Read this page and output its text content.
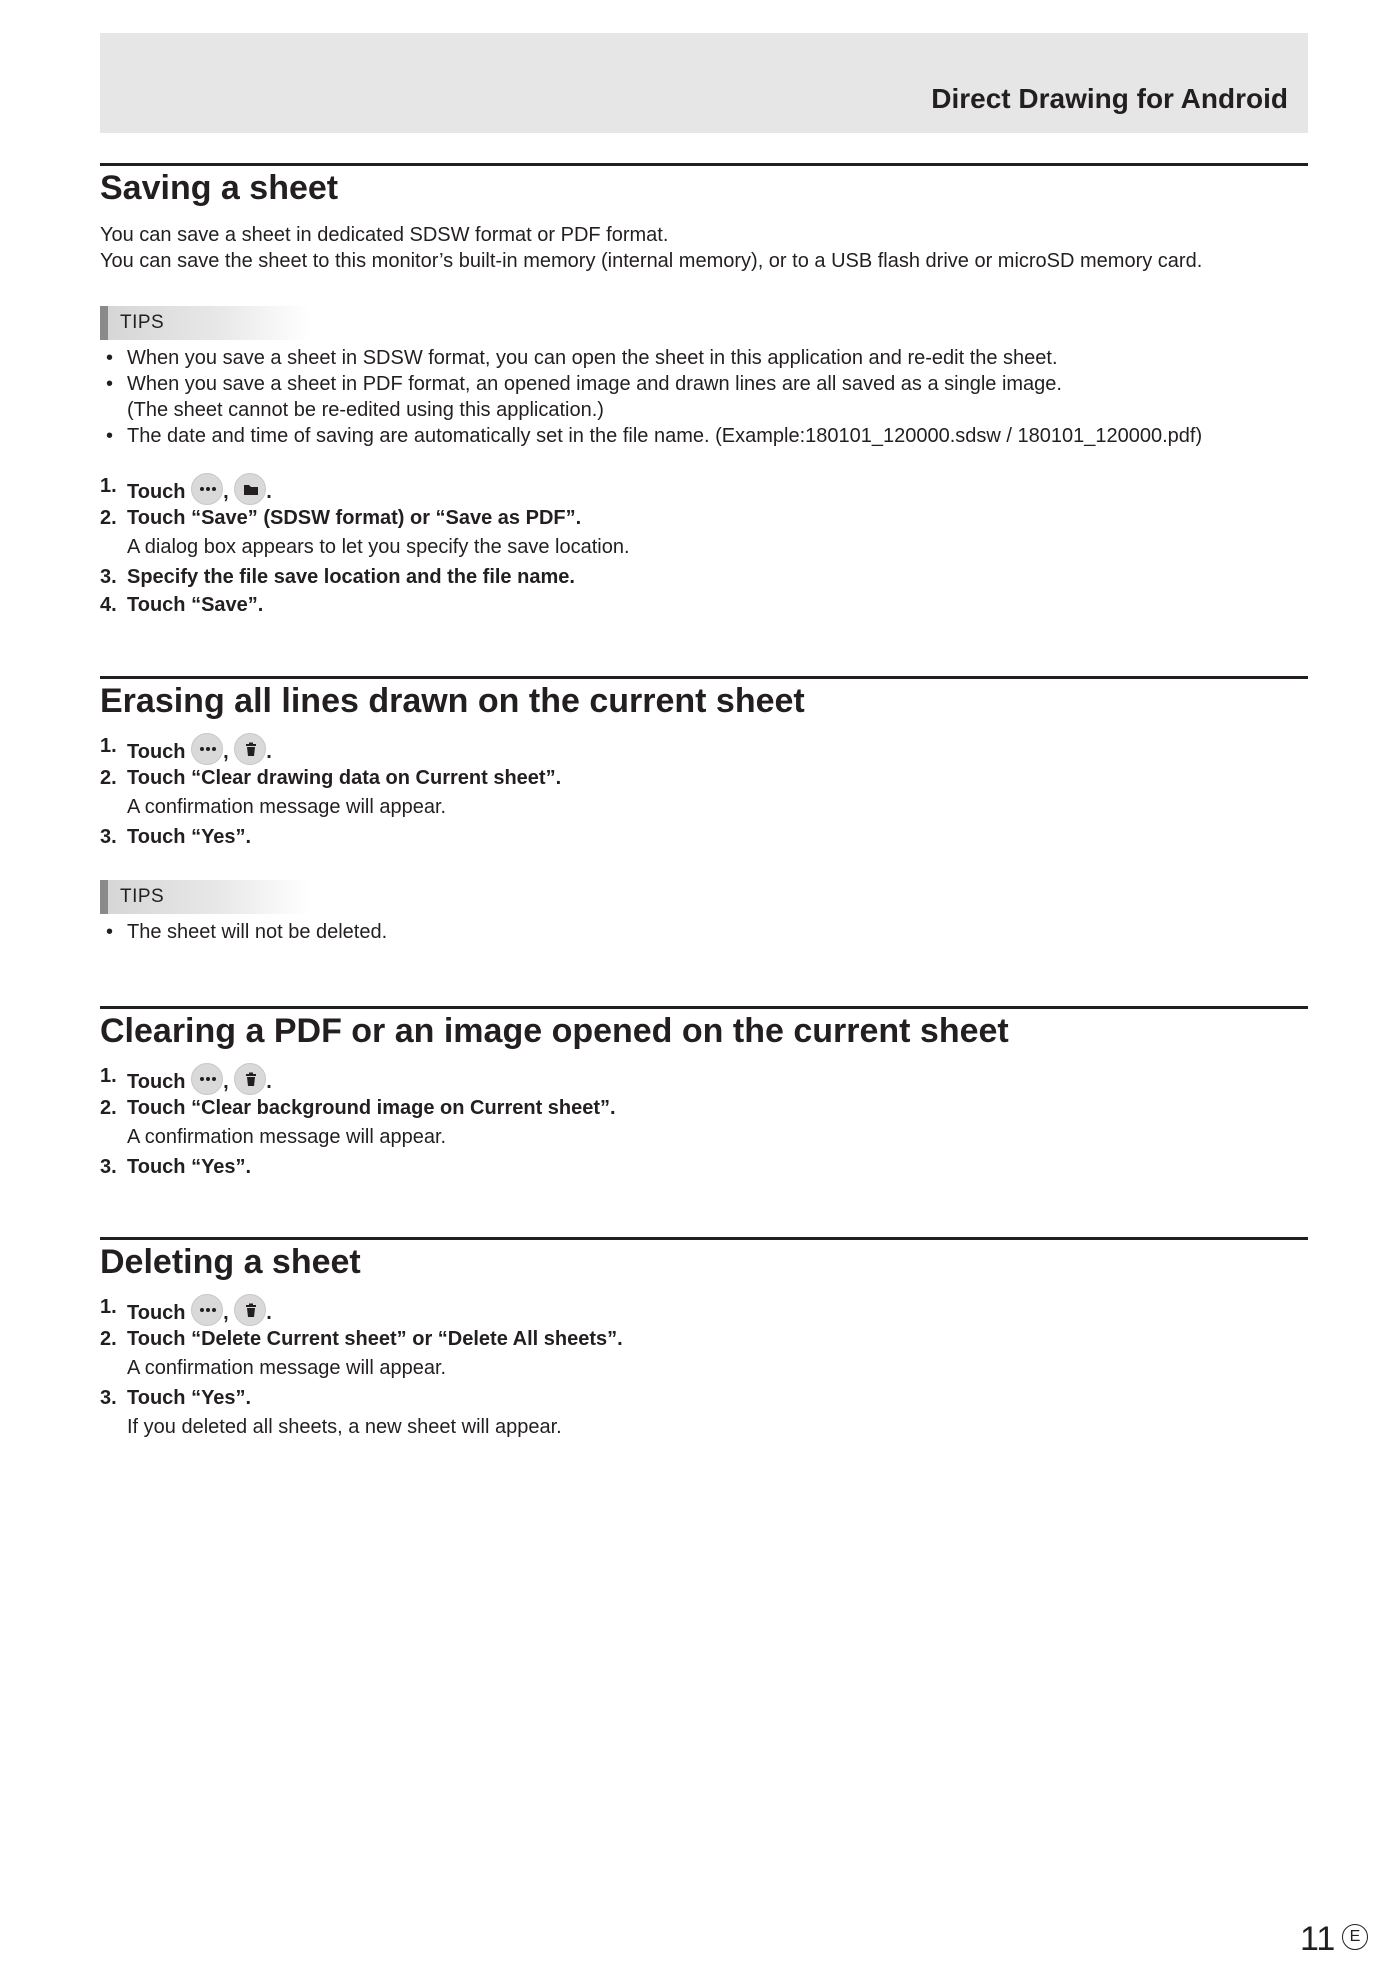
Direct Drawing for Android
Saving a sheet
You can save a sheet in dedicated SDSW format or PDF format.
You can save the sheet to this monitor’s built-in memory (internal memory), or to a USB flash drive or microSD memory card.
TIPS
• When you save a sheet in SDSW format, you can open the sheet in this application and re-edit the sheet.
• When you save a sheet in PDF format, an opened image and drawn lines are all saved as a single image.
(The sheet cannot be re-edited using this application.)
• The date and time of saving are automatically set in the file name. (Example:180101_120000.sdsw / 180101_120000.pdf)
1. Touch , .
2. Touch “Save” (SDSW format) or “Save as PDF”.
A dialog box appears to let you specify the save location.
3. Specify the file save location and the file name.
4. Touch “Save”.
Erasing all lines drawn on the current sheet
1. Touch , .
2. Touch “Clear drawing data on Current sheet”.
A confirmation message will appear.
3. Touch “Yes”.
TIPS
• The sheet will not be deleted.
Clearing a PDF or an image opened on the current sheet
1. Touch , .
2. Touch “Clear background image on Current sheet”.
A confirmation message will appear.
3. Touch “Yes”.
Deleting a sheet
1. Touch , .
2. Touch “Delete Current sheet” or “Delete All sheets”.
A confirmation message will appear.
3. Touch “Yes”.
If you deleted all sheets, a new sheet will appear.
11 E
